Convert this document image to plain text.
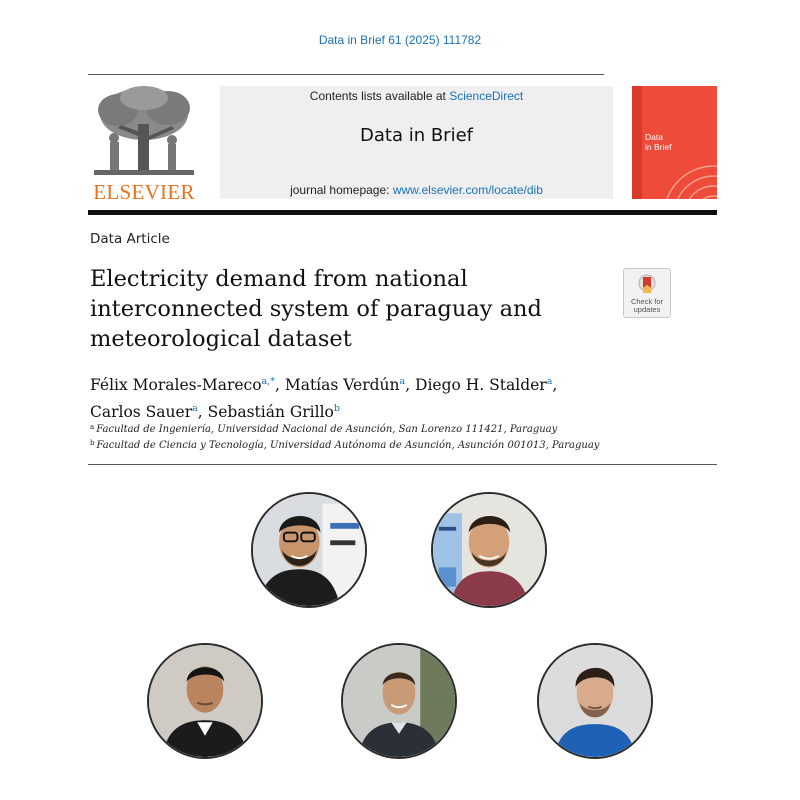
Data in Brief 61 (2025) 111782
ELSEVIER
Contents lists available at ScienceDirect
Data in Brief
journal homepage: www.elsevier.com/locate/dib
Data
in Brief
Data Article
Electricity demand from national
interconnected system of paraguay and
meteorological dataset
Check for
updates
Félix Morales-Mareco$^{a,*}$, Matías Verdún$^a$, Diego H. Stalder$^a$,
Carlos Sauer$^a$, Sebastián Grillo$^b$
$^a$ Facultad de Ingeniería, Universidad Nacional de Asunción, San Lorenzo 111421, Paraguay
$^b$ Facultad de Ciencia y Tecnología, Universidad Autónoma de Asunción, Asunción 001013, Paraguay
